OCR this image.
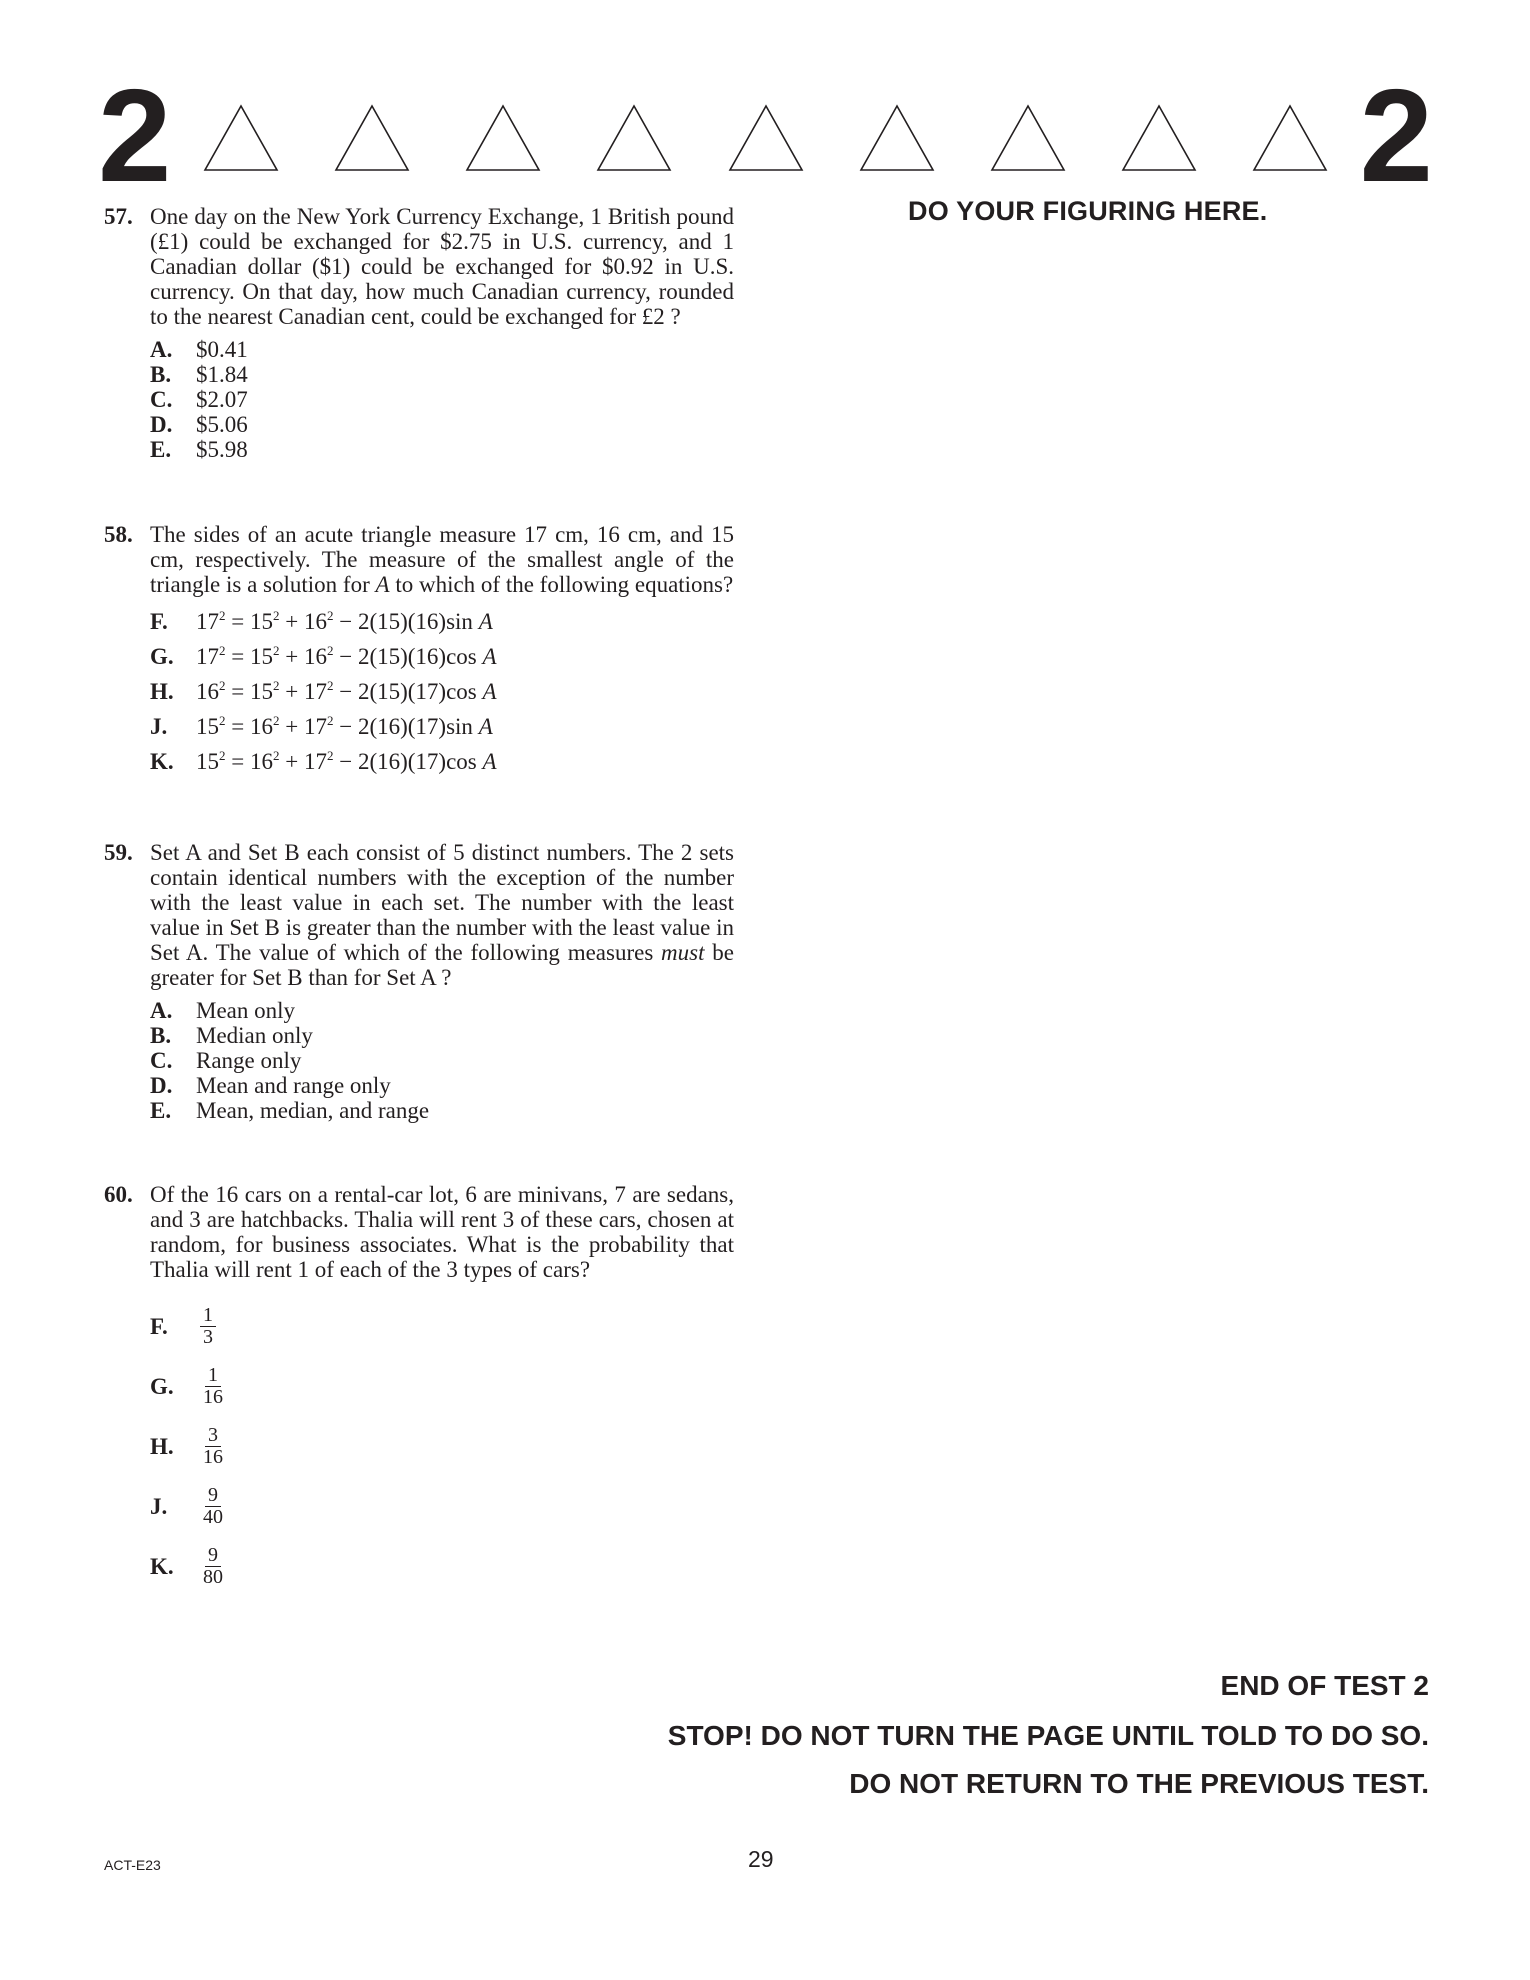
2	2
DO YOUR FIGURING HERE.
57. One day on the New York Currency Exchange, 1 British pound (£1) could be exchanged for $2.75 in U.S. currency, and 1 Canadian dollar ($1) could be exchanged for $0.92 in U.S. currency. On that day, how much Canadian currency, rounded to the nearest Canadian cent, could be exchanged for £2 ?
A.	$0.41
B.	$1.84
C.	$2.07
D.	$5.06
E.	$5.98
58. The sides of an acute triangle measure 17 cm, 16 cm, and 15 cm, respectively. The measure of the smallest angle of the triangle is a solution for A to which of the following equations?
F.	$17^2 = 15^2 + 16^2 - 2(15)(16)\sin$ A
G. $17^2 = 15^2 + 16^2 - 2(15)(16)\cos$ A
H. $16^2 = 15^2 + 17^2 - 2(15)(17)\cos$ A
J.	$15^2 = 16^2 + 17^2 - 2(16)(17)\sin$ A
K. $15^2 = 16^2 + 17^2 - 2(16)(17)\cos$ A
59. Set A and Set B each consist of 5 distinct numbers. The 2 sets contain identical numbers with the exception of the number with the least value in each set. The number with the least value in Set B is greater than the number with the least value in Set A. The value of which of the following measures must be greater for Set B than for Set A ?
A.	Mean only
B.	Median only
C.	Range only
D.	Mean and range only
E.	Mean, median, and range
60. Of the 16 cars on a rental-car lot, 6 are minivans, 7 are sedans, and 3 are hatchbacks. Thalia will rent 3 of these cars, chosen at random, for business associates. What is the probability that Thalia will rent 1 of each of the 3 types of cars?
F.	$\frac{1}{3}$
G.	$\frac{1}{16}$
H.	$\frac{3}{16}$
J.	$\frac{9}{40}$
K.	$\frac{9}{80}$
END OF TEST 2
STOP! DO NOT TURN THE PAGE UNTIL TOLD TO DO SO.
DO NOT RETURN TO THE PREVIOUS TEST.
ACT-E23	29
